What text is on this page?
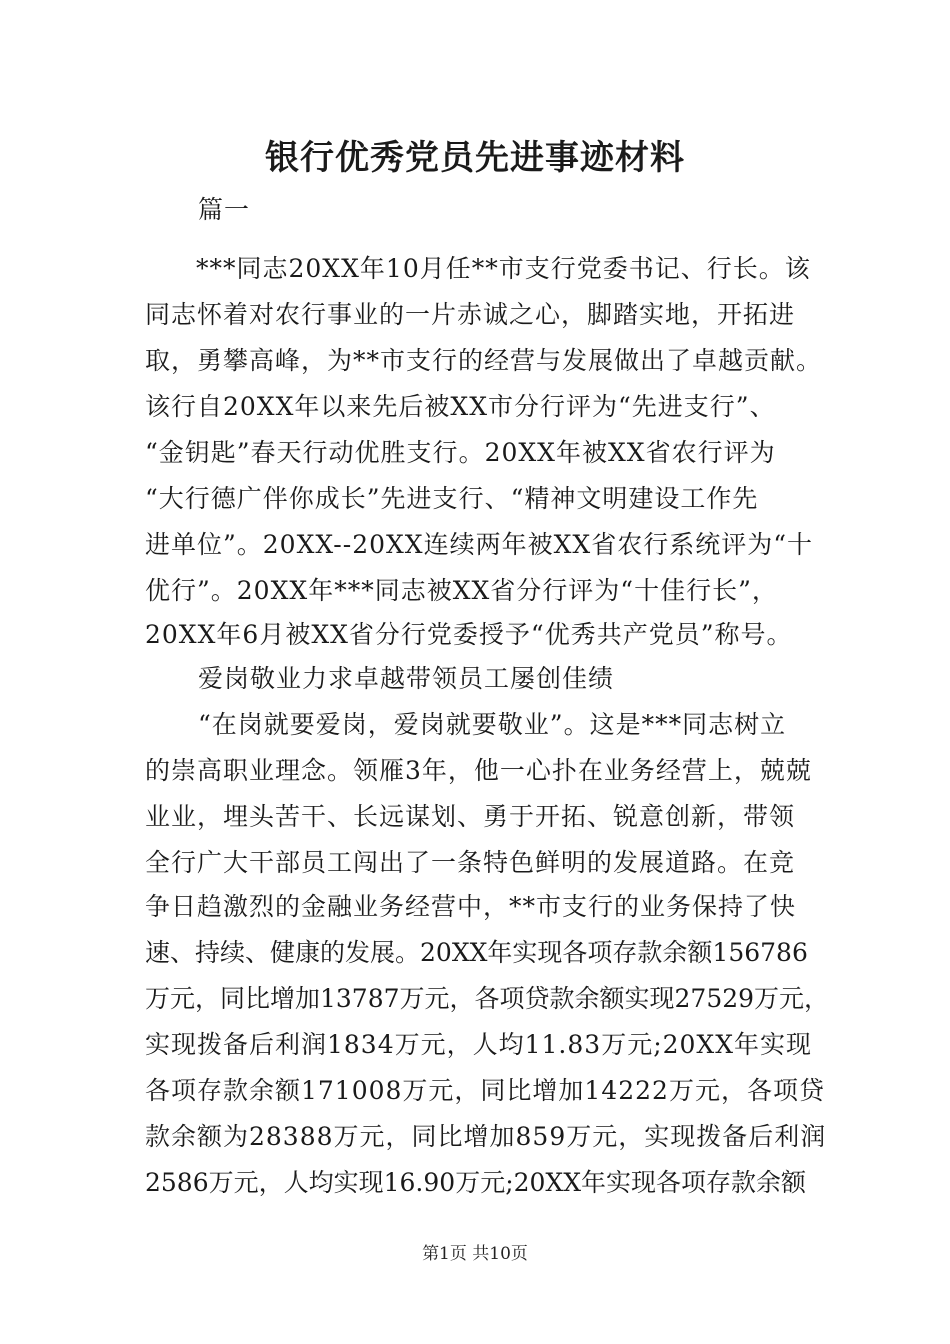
银行优秀党员先进事迹材料
篇一
***同志20XX年10月任**市支行党委书记、行长。该
同志怀着对农行事业的一片赤诚之心，脚踏实地，开拓进
取，勇攀高峰，为**市支行的经营与发展做出了卓越贡献。
该行自20XX年以来先后被XX市分行评为“先进支行”、
“金钥匙”春天行动优胜支行。20XX年被XX省农行评为
“大行德广伴你成长”先进支行、“精神文明建设工作先
进单位”。20XX--20XX连续两年被XX省农行系统评为“十
优行”。20XX年***同志被XX省分行评为“十佳行长”，
20XX年6月被XX省分行党委授予“优秀共产党员”称号。
爱岗敬业力求卓越带领员工屡创佳绩
“在岗就要爱岗，爱岗就要敬业”。这是***同志树立
的崇高职业理念。领雁3年，他一心扑在业务经营上，兢兢
业业，埋头苦干、长远谋划、勇于开拓、锐意创新，带领
全行广大干部员工闯出了一条特色鲜明的发展道路。在竞
争日趋激烈的金融业务经营中，**市支行的业务保持了快
速、持续、健康的发展。20XX年实现各项存款余额156786
万元，同比增加13787万元，各项贷款余额实现27529万元，
实现拨备后利润1834万元，人均11.83万元;20XX年实现
各项存款余额171008万元，同比增加14222万元，各项贷
款余额为28388万元，同比增加859万元，实现拨备后利润
2586万元，人均实现16.90万元;20XX年实现各项存款余额
第1页 共10页
